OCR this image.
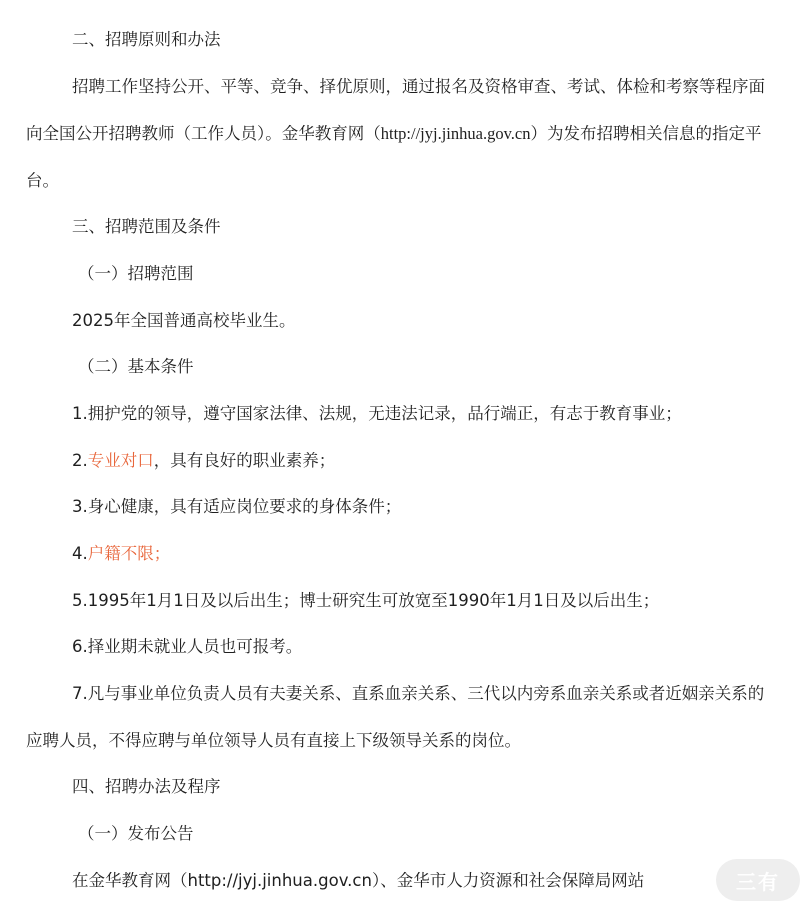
二、招聘原则和办法

招聘工作坚持公开、平等、竞争、择优原则，通过报名及资格审查、考试、体检和考察等程序面

向全国公开招聘教师（工作人员）。金华教育网（http://jyj.jinhua.gov.cn）为发布招聘相关信息的指定平

台。

三、招聘范围及条件

（一）招聘范围

2025年全国普通高校毕业生。

（二）基本条件

1.拥护党的领导，遵守国家法律、法规，无违法记录，品行端正，有志于教育事业；

2.专业对口，具有良好的职业素养；

3.身心健康，具有适应岗位要求的身体条件；

4.户籍不限；

5.1995年1月1日及以后出生；博士研究生可放宽至1990年1月1日及以后出生；

6.择业期未就业人员也可报考。

7.凡与事业单位负责人员有夫妻关系、直系血亲关系、三代以内旁系血亲关系或者近姻亲关系的

应聘人员，不得应聘与单位领导人员有直接上下级领导关系的岗位。

四、招聘办法及程序

（一）发布公告

在金华教育网（http://jyj.jinhua.gov.cn）、金华市人力资源和社会保障局网站	三有
